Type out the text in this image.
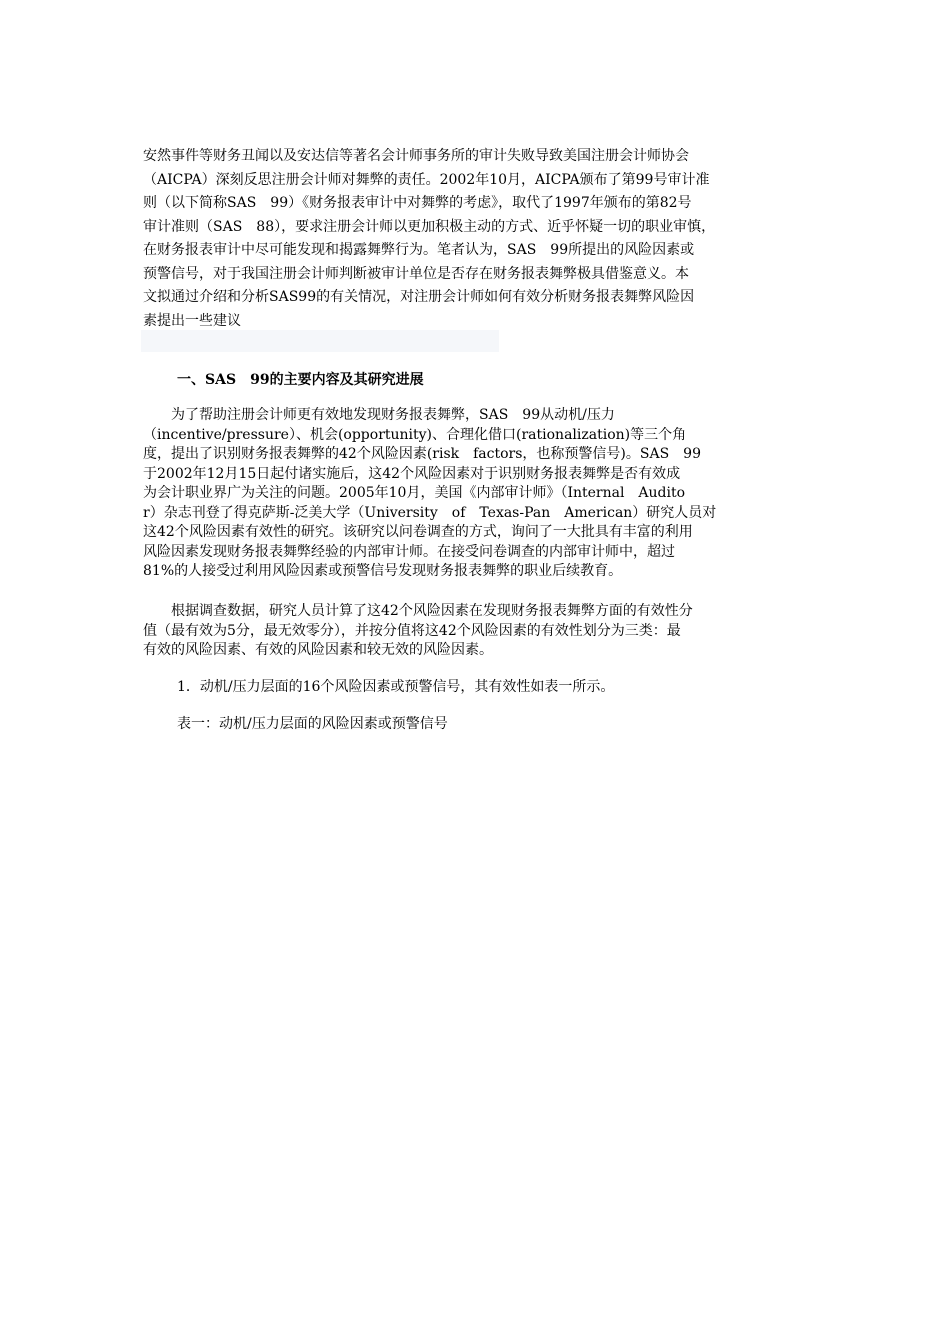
安然事件等财务丑闻以及安达信等著名会计师事务所的审计失败导致美国注册会计师协会
（AICPA）深刻反思注册会计师对舞弊的责任。2002年10月，AICPA颁布了第99号审计准
则（以下简称SAS　99）《财务报表审计中对舞弊的考虑》，取代了1997年颁布的第82号
审计准则（SAS　88），要求注册会计师以更加积极主动的方式、近乎怀疑一切的职业审慎，
在财务报表审计中尽可能发现和揭露舞弊行为。笔者认为，SAS　99所提出的风险因素或
预警信号，对于我国注册会计师判断被审计单位是否存在财务报表舞弊极具借鉴意义。本
文拟通过介绍和分析SAS99的有关情况，对注册会计师如何有效分析财务报表舞弊风险因
素提出一些建议
一、SAS　99的主要内容及其研究进展
　　为了帮助注册会计师更有效地发现财务报表舞弊，SAS　99从动机/压力
（incentive/pressure）、机会(opportunity)、合理化借口(rationalization)等三个角
度，提出了识别财务报表舞弊的42个风险因素(risk　factors，也称预警信号)。SAS　99
于2002年12月15日起付诸实施后，这42个风险因素对于识别财务报表舞弊是否有效成
为会计职业界广为关注的问题。2005年10月，美国《内部审计师》（Internal　Audito
r）杂志刊登了得克萨斯-泛美大学（University　of　Texas-Pan　American）研究人员对
这42个风险因素有效性的研究。该研究以问卷调查的方式，询问了一大批具有丰富的利用
风险因素发现财务报表舞弊经验的内部审计师。在接受问卷调查的内部审计师中，超过
81%的人接受过利用风险因素或预警信号发现财务报表舞弊的职业后续教育。
　　根据调查数据，研究人员计算了这42个风险因素在发现财务报表舞弊方面的有效性分
值（最有效为5分，最无效零分），并按分值将这42个风险因素的有效性划分为三类：最
有效的风险因素、有效的风险因素和较无效的风险因素。

1．动机/压力层面的16个风险因素或预警信号，其有效性如表一所示。

表一：动机/压力层面的风险因素或预警信号
